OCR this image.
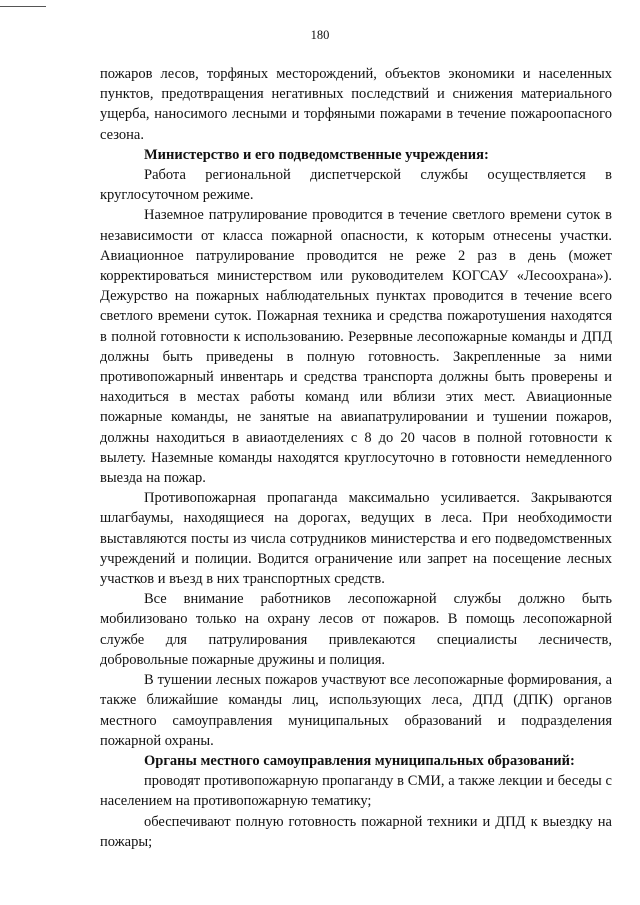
180

пожаров лесов, торфяных месторождений, объектов экономики и населенных пунктов, предотвращения негативных последствий и снижения материального ущерба, наносимого лесными и торфяными пожарами в течение пожароопасного сезона.

Министерство и его подведомственные учреждения:

Работа региональной диспетчерской службы осуществляется в круглосуточном режиме.

Наземное патрулирование проводится в течение светлого времени суток в независимости от класса пожарной опасности, к которым отнесены участки. Авиационное патрулирование проводится не реже 2 раз в день (может корректироваться министерством или руководителем КОГСАУ «Лесоохрана»). Дежурство на пожарных наблюдательных пунктах проводится в течение всего светлого времени суток. Пожарная техника и средства пожаротушения находятся в полной готовности к использованию. Резервные лесопожарные команды и ДПД должны быть приведены в полную готовность. Закрепленные за ними противопожарный инвентарь и средства транспорта должны быть проверены и находиться в местах работы команд или вблизи этих мест. Авиационные пожарные команды, не занятые на авиапатрулировании и тушении пожаров, должны находиться в авиаотделениях с 8 до 20 часов в полной готовности к вылету. Наземные команды находятся круглосуточно в готовности немедленного выезда на пожар.

Противопожарная пропаганда максимально усиливается. Закрываются шлагбаумы, находящиеся на дорогах, ведущих в леса. При необходимости выставляются посты из числа сотрудников министерства и его подведомственных учреждений и полиции. Водится ограничение или запрет на посещение лесных участков и въезд в них транспортных средств.

Все внимание работников лесопожарной службы должно быть мобилизовано только на охрану лесов от пожаров. В помощь лесопожарной службе для патрулирования привлекаются специалисты лесничеств, добровольные пожарные дружины и полиция.

В тушении лесных пожаров участвуют все лесопожарные формирования, а также ближайшие команды лиц, использующих леса, ДПД (ДПК) органов местного самоуправления муниципальных образований и подразделения пожарной охраны.

Органы местного самоуправления муниципальных образований:

проводят противопожарную пропаганду в СМИ, а также лекции и беседы с населением на противопожарную тематику;

обеспечивают полную готовность пожарной техники и ДПД к выездку на пожары;
